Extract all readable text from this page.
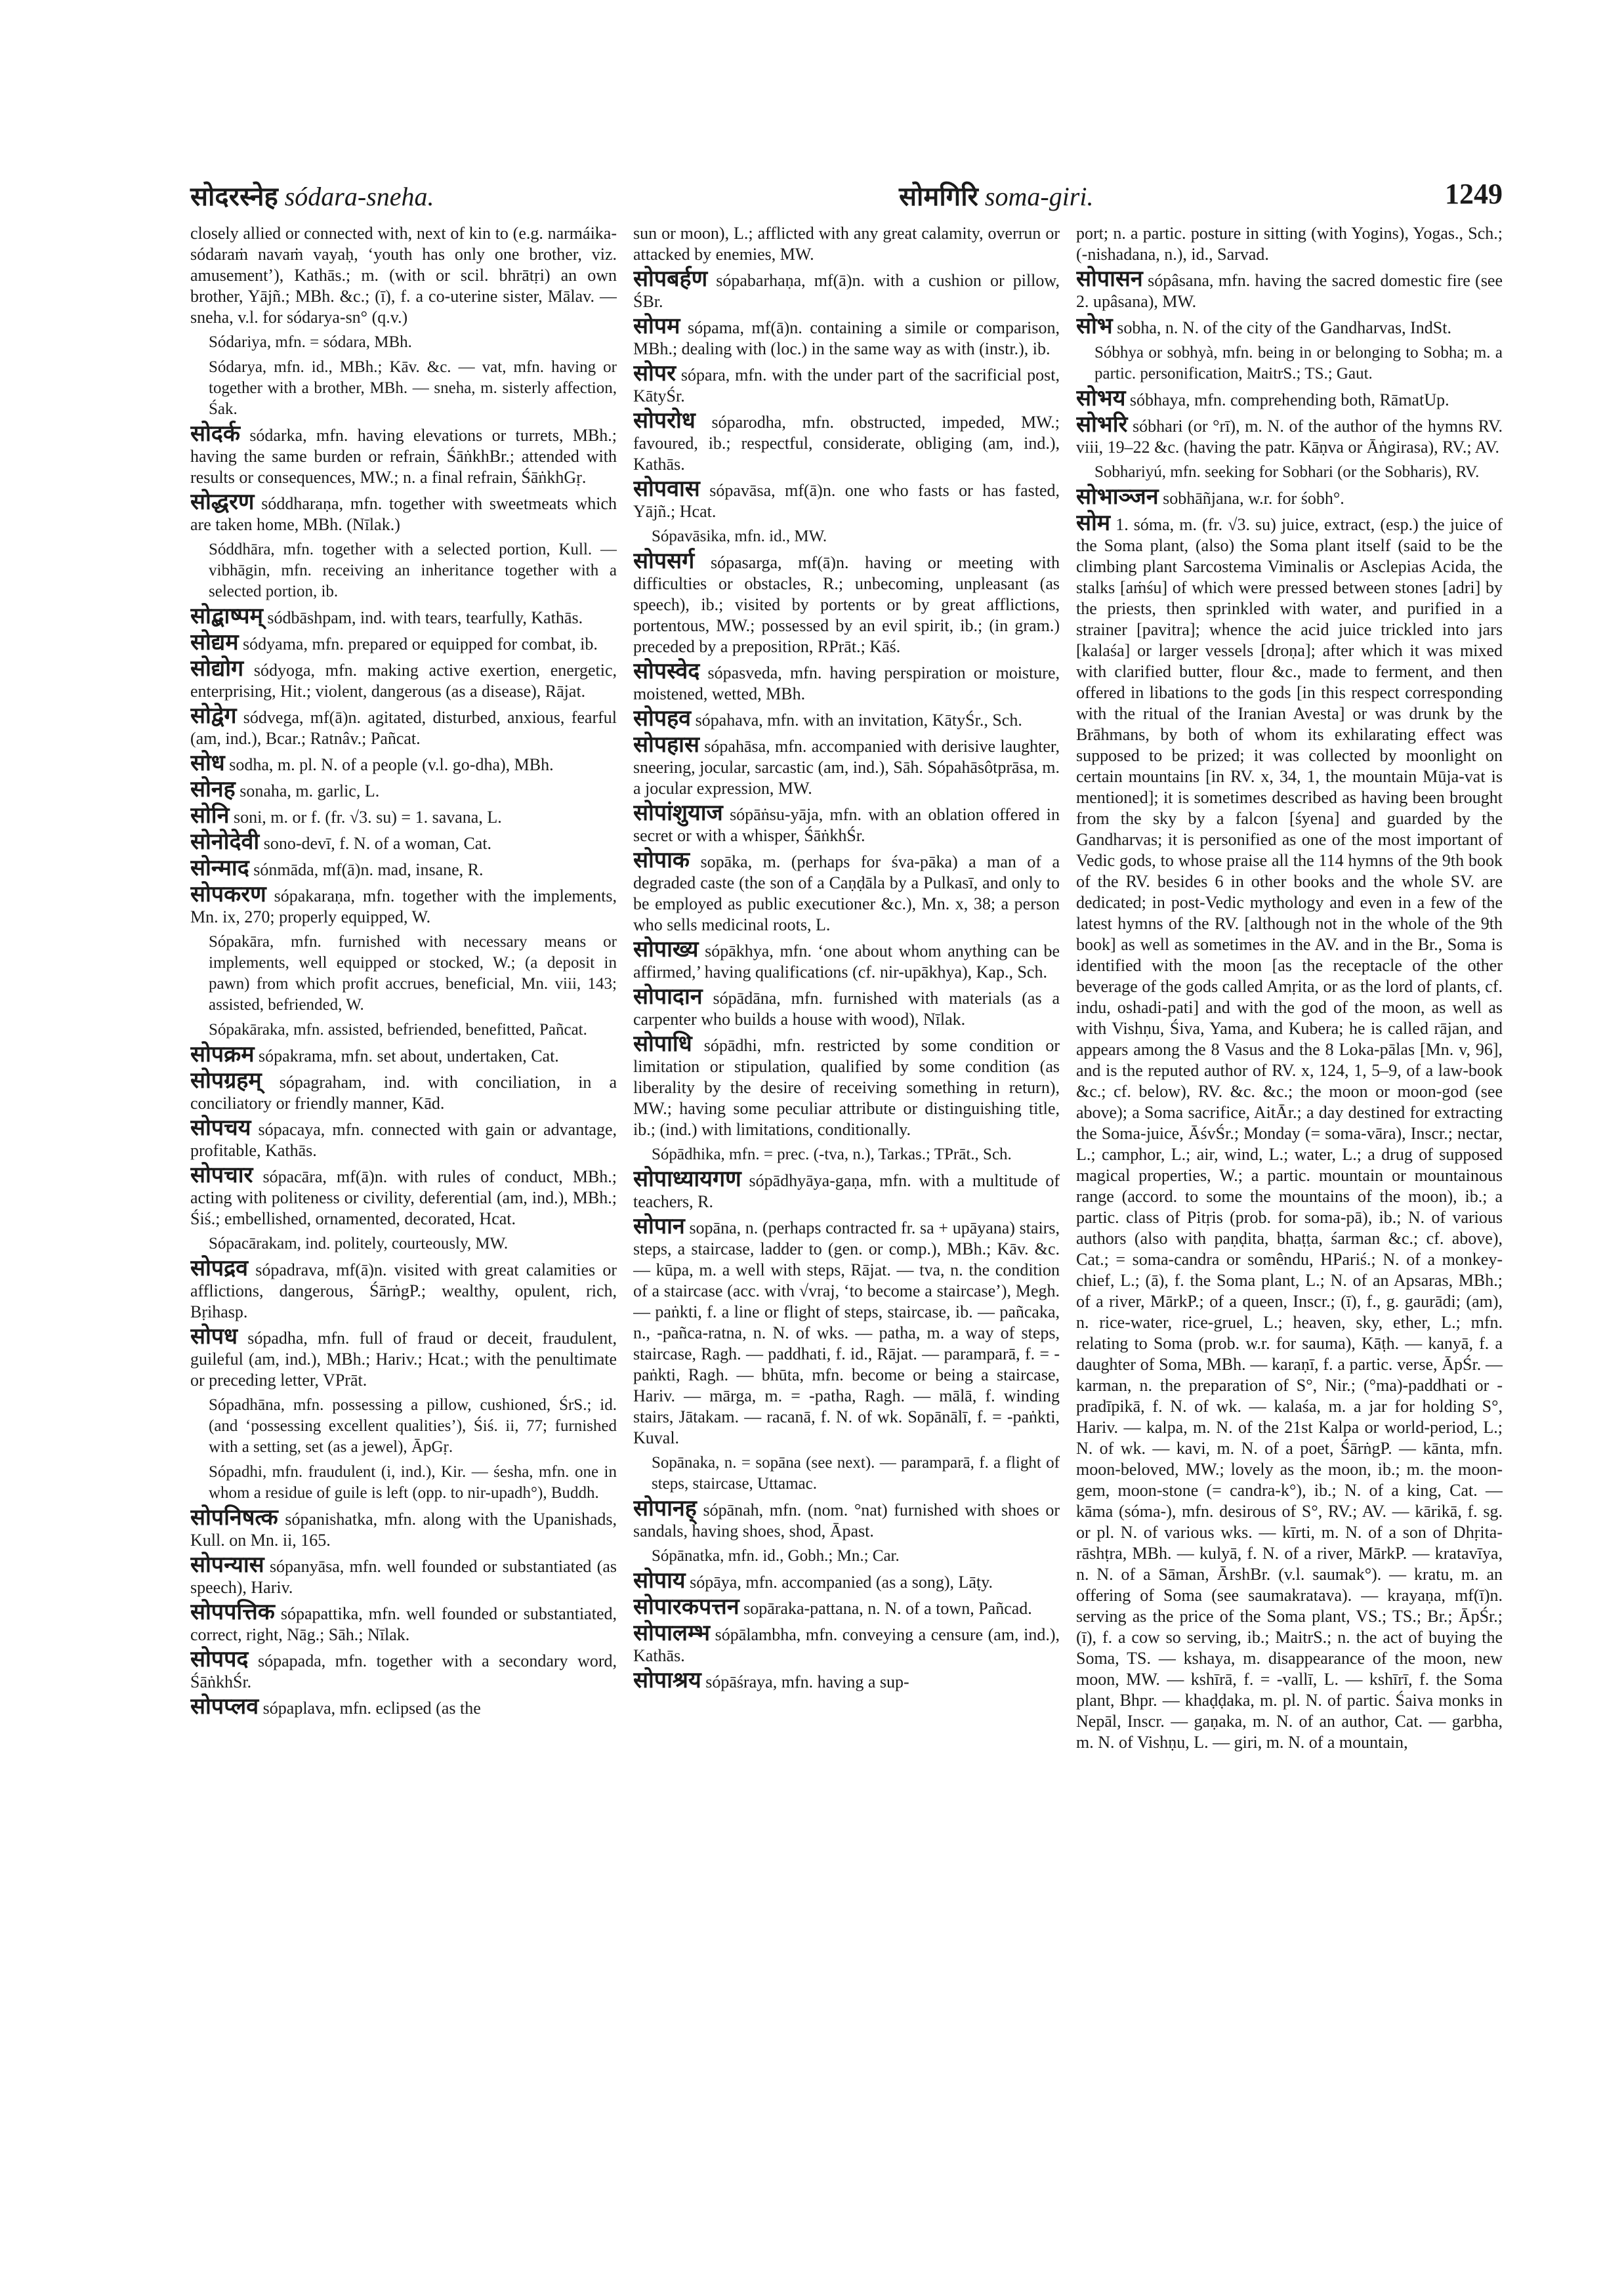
सोदरस्नेह sódara-sneha.	सोमगिरि soma-giri.	1249
closely allied or connected with, next of kin to (e.g. narmáika-sódaraṁ navaṁ vayaḥ, ‘youth has only one brother, viz. amusement’), Kathās.; m. (with or scil. bhrātṛi) an own brother, Yājñ.; MBh. &c.; (ī), f. a co-uterine sister, Mālav. — sneha, v.l. for sódarya-sn° (q.v.)
Sódariya, mfn. = sódara, MBh.
Sódarya, mfn. id., MBh.; Kāv. &c. — vat, mfn. having or together with a brother, MBh. — sneha, m. sisterly affection, Śak.
सोदर्क sódarka, mfn. having elevations or turrets, MBh.; having the same burden or refrain, ŚāṅkhBr.; attended with results or consequences, MW.; n. a final refrain, ŚāṅkhGṛ.
सोद्धरण sóddharaṇa, mfn. together with sweetmeats which are taken home, MBh. (Nīlak.)
Sóddhāra, mfn. together with a selected portion, Kull. — vibhāgin, mfn. receiving an inheritance together with a selected portion, ib.
सोद्बाष्पम् sódbāshpam, ind. with tears, tearfully, Kathās.
सोद्यम sódyama, mfn. prepared or equipped for combat, ib.
सोद्योग sódyoga, mfn. making active exertion, energetic, enterprising, Hit.; violent, dangerous (as a disease), Rājat.
सोद्वेग sódvega, mf(ā)n. agitated, disturbed, anxious, fearful (am, ind.), Bcar.; Ratnâv.; Pañcat.
सोध sodha, m. pl. N. of a people (v.l. go-dha), MBh.
सोनह sonaha, m. garlic, L.
सोनि soni, m. or f. (fr. √3. su) = 1. savana, L.
सोनोदेवी sono-devī, f. N. of a woman, Cat.
सोन्माद sónmāda, mf(ā)n. mad, insane, R.
सोपकरण sópakaraṇa, mfn. together with the implements, Mn. ix, 270; properly equipped, W.
Sópakāra, mfn. furnished with necessary means or implements, well equipped or stocked, W.; (a deposit in pawn) from which profit accrues, beneficial, Mn. viii, 143; assisted, befriended, W.
Sópakāraka, mfn. assisted, befriended, benefitted, Pañcat.
सोपक्रम sópakrama, mfn. set about, undertaken, Cat.
सोपग्रहम् sópagraham, ind. with conciliation, in a conciliatory or friendly manner, Kād.
सोपचय sópacaya, mfn. connected with gain or advantage, profitable, Kathās.
सोपचार sópacāra, mf(ā)n. with rules of conduct, MBh.; acting with politeness or civility, deferential (am, ind.), MBh.; Śiś.; embellished, ornamented, decorated, Hcat.
Sópacārakam, ind. politely, courteously, MW.
सोपद्रव sópadrava, mf(ā)n. visited with great calamities or afflictions, dangerous, ŚārṅgP.; wealthy, opulent, rich, Bṛihasp.
सोपध sópadha, mfn. full of fraud or deceit, fraudulent, guileful (am, ind.), MBh.; Hariv.; Hcat.; with the penultimate or preceding letter, VPrāt.
Sópadhāna, mfn. possessing a pillow, cushioned, ŚrS.; id. (and ‘possessing excellent qualities’), Śiś. ii, 77; furnished with a setting, set (as a jewel), ĀpGṛ.
Sópadhi, mfn. fraudulent (i, ind.), Kir. — śesha, mfn. one in whom a residue of guile is left (opp. to nir-upadh°), Buddh.
सोपनिषत्क sópanishatka, mfn. along with the Upanishads, Kull. on Mn. ii, 165.
सोपन्यास sópanyāsa, mfn. well founded or substantiated (as speech), Hariv.
सोपपत्तिक sópapattika, mfn. well founded or substantiated, correct, right, Nāg.; Sāh.; Nīlak.
सोपपद sópapada, mfn. together with a secondary word, ŚāṅkhŚr.
सोपप्लव sópaplava, mfn. eclipsed (as the
sun or moon), L.; afflicted with any great calamity, overrun or attacked by enemies, MW.
सोपबर्हण sópabarhaṇa, mf(ā)n. with a cushion or pillow, ŚBr.
सोपम sópama, mf(ā)n. containing a simile or comparison, MBh.; dealing with (loc.) in the same way as with (instr.), ib.
सोपर sópara, mfn. with the under part of the sacrificial post, KātyŚr.
सोपरोध sóparodha, mfn. obstructed, impeded, MW.; favoured, ib.; respectful, considerate, obliging (am, ind.), Kathās.
सोपवास sópavāsa, mf(ā)n. one who fasts or has fasted, Yājñ.; Hcat.
Sópavāsika, mfn. id., MW.
सोपसर्ग sópasarga, mf(ā)n. having or meeting with difficulties or obstacles, R.; unbecoming, unpleasant (as speech), ib.; visited by portents or by great afflictions, portentous, MW.; possessed by an evil spirit, ib.; (in gram.) preceded by a preposition, RPrāt.; Kāś.
सोपस्वेद sópasveda, mfn. having perspiration or moisture, moistened, wetted, MBh.
सोपहव sópahava, mfn. with an invitation, KātyŚr., Sch.
सोपहास sópahāsa, mfn. accompanied with derisive laughter, sneering, jocular, sarcastic (am, ind.), Sāh. Sópahāsôtprāsa, m. a jocular expression, MW.
सोपांशुयाज sópāṅsu-yāja, mfn. with an oblation offered in secret or with a whisper, ŚāṅkhŚr.
सोपाक sopāka, m. (perhaps for śva-pāka) a man of a degraded caste (the son of a Caṇḍāla by a Pulkasī, and only to be employed as public executioner &c.), Mn. x, 38; a person who sells medicinal roots, L.
सोपाख्य sópākhya, mfn. ‘one about whom anything can be affirmed,’ having qualifications (cf. nir-upākhya), Kap., Sch.
सोपादान sópādāna, mfn. furnished with materials (as a carpenter who builds a house with wood), Nīlak.
सोपाधि sópādhi, mfn. restricted by some condition or limitation or stipulation, qualified by some condition (as liberality by the desire of receiving something in return), MW.; having some peculiar attribute or distinguishing title, ib.; (ind.) with limitations, conditionally.
Sópādhika, mfn. = prec. (-tva, n.), Tarkas.; TPrāt., Sch.
सोपाध्यायगण sópādhyāya-gaṇa, mfn. with a multitude of teachers, R.
सोपान sopāna, n. (perhaps contracted fr. sa + upāyana) stairs, steps, a staircase, ladder to (gen. or comp.), MBh.; Kāv. &c. — kūpa, m. a well with steps, Rājat. — tva, n. the condition of a staircase (acc. with √vraj, ‘to become a staircase’), Megh. — paṅkti, f. a line or flight of steps, staircase, ib. — pañcaka, n., -pañca-ratna, n. N. of wks. — patha, m. a way of steps, staircase, Ragh. — paddhati, f. id., Rājat. — paramparā, f. = -paṅkti, Ragh. — bhūta, mfn. become or being a staircase, Hariv. — mārga, m. = -patha, Ragh. — mālā, f. winding stairs, Jātakam. — racanā, f. N. of wk. Sopānālī, f. = -paṅkti, Kuval.
Sopānaka, n. = sopāna (see next). — paramparā, f. a flight of steps, staircase, Uttamac.
सोपानह् sópānah, mfn. (nom. °nat) furnished with shoes or sandals, having shoes, shod, Āpast.
Sópānatka, mfn. id., Gobh.; Mn.; Car.
सोपाय sópāya, mfn. accompanied (as a song), Lāṭy.
सोपारकपत्तन sopāraka-pattana, n. N. of a town, Pañcad.
सोपालम्भ sópālambha, mfn. conveying a censure (am, ind.), Kathās.
सोपाश्रय sópāśraya, mfn. having a sup-
port; n. a partic. posture in sitting (with Yogins), Yogas., Sch.; (-nishadana, n.), id., Sarvad.
सोपासन sópâsana, mfn. having the sacred domestic fire (see 2. upâsana), MW.
सोभ sobha, n. N. of the city of the Gandharvas, IndSt.
Sóbhya or sobhyà, mfn. being in or belonging to Sobha; m. a partic. personification, MaitrS.; TS.; Gaut.
सोभय sóbhaya, mfn. comprehending both, RāmatUp.
सोभरि sóbhari (or °rī), m. N. of the author of the hymns RV. viii, 19–22 &c. (having the patr. Kāṇva or Āṅgirasa), RV.; AV.
Sobhariyú, mfn. seeking for Sobhari (or the Sobharis), RV.
सोभाञ्जन sobhāñjana, w.r. for śobh°.
सोम 1. sóma, m. (fr. √3. su) juice, extract, (esp.) the juice of the Soma plant, (also) the Soma plant itself (said to be the climbing plant Sarcostema Viminalis or Asclepias Acida, the stalks [aṁśu] of which were pressed between stones [adri] by the priests, then sprinkled with water, and purified in a strainer [pavitra]; whence the acid juice trickled into jars [kalaśa] or larger vessels [droṇa]; after which it was mixed with clarified butter, flour &c., made to ferment, and then offered in libations to the gods [in this respect corresponding with the ritual of the Iranian Avesta] or was drunk by the Brāhmans, by both of whom its exhilarating effect was supposed to be prized; it was collected by moonlight on certain mountains [in RV. x, 34, 1, the mountain Mūja-vat is mentioned]; it is sometimes described as having been brought from the sky by a falcon [śyena] and guarded by the Gandharvas; it is personified as one of the most important of Vedic gods, to whose praise all the 114 hymns of the 9th book of the RV. besides 6 in other books and the whole SV. are dedicated; in post-Vedic mythology and even in a few of the latest hymns of the RV. [although not in the whole of the 9th book] as well as sometimes in the AV. and in the Br., Soma is identified with the moon [as the receptacle of the other beverage of the gods called Amṛita, or as the lord of plants, cf. indu, oshadi-pati] and with the god of the moon, as well as with Vishṇu, Śiva, Yama, and Kubera; he is called rājan, and appears among the 8 Vasus and the 8 Loka-pālas [Mn. v, 96], and is the reputed author of RV. x, 124, 1, 5–9, of a law-book &c.; cf. below), RV. &c. &c.; the moon or moon-god (see above); a Soma sacrifice, AitĀr.; a day destined for extracting the Soma-juice, ĀśvŚr.; Monday (= soma-vāra), Inscr.; nectar, L.; camphor, L.; air, wind, L.; water, L.; a drug of supposed magical properties, W.; a partic. mountain or mountainous range (accord. to some the mountains of the moon), ib.; a partic. class of Pitṛis (prob. for soma-pā), ib.; N. of various authors (also with paṇḍita, bhaṭṭa, śarman &c.; cf. above), Cat.; = soma-candra or somêndu, HPariś.; N. of a monkey-chief, L.; (ā), f. the Soma plant, L.; N. of an Apsaras, MBh.; of a river, MārkP.; of a queen, Inscr.; (ī), f., g. gaurādi; (am), n. rice-water, rice-gruel, L.; heaven, sky, ether, L.; mfn. relating to Soma (prob. w.r. for sauma), Kāṭh. — kanyā, f. a daughter of Soma, MBh. — karaṇī, f. a partic. verse, ĀpŚr. — karman, n. the preparation of S°, Nir.; (°ma)-paddhati or -pradīpikā, f. N. of wk. — kalaśa, m. a jar for holding S°, Hariv. — kalpa, m. N. of the 21st Kalpa or world-period, L.; N. of wk. — kavi, m. N. of a poet, ŚārṅgP. — kānta, mfn. moon-beloved, MW.; lovely as the moon, ib.; m. the moon-gem, moon-stone (= candra-k°), ib.; N. of a king, Cat. — kāma (sóma-), mfn. desirous of S°, RV.; AV. — kārikā, f. sg. or pl. N. of various wks. — kīrti, m. N. of a son of Dhṛita-rāshṭra, MBh. — kulyā, f. N. of a river, MārkP. — kratavīya, n. N. of a Sāman, ĀrshBr. (v.l. saumak°). — kratu, m. an offering of Soma (see saumakratava). — krayaṇa, mf(ī)n. serving as the price of the Soma plant, VS.; TS.; Br.; ĀpŚr.; (ī), f. a cow so serving, ib.; MaitrS.; n. the act of buying the Soma, TS. — kshaya, m. disappearance of the moon, new moon, MW. — kshīrā, f. = -vallī, L. — kshīrī, f. the Soma plant, Bhpr. — khaḍḍaka, m. pl. N. of partic. Śaiva monks in Nepāl, Inscr. — gaṇaka, m. N. of an author, Cat. — garbha, m. N. of Vishṇu, L. — giri, m. N. of a mountain,
